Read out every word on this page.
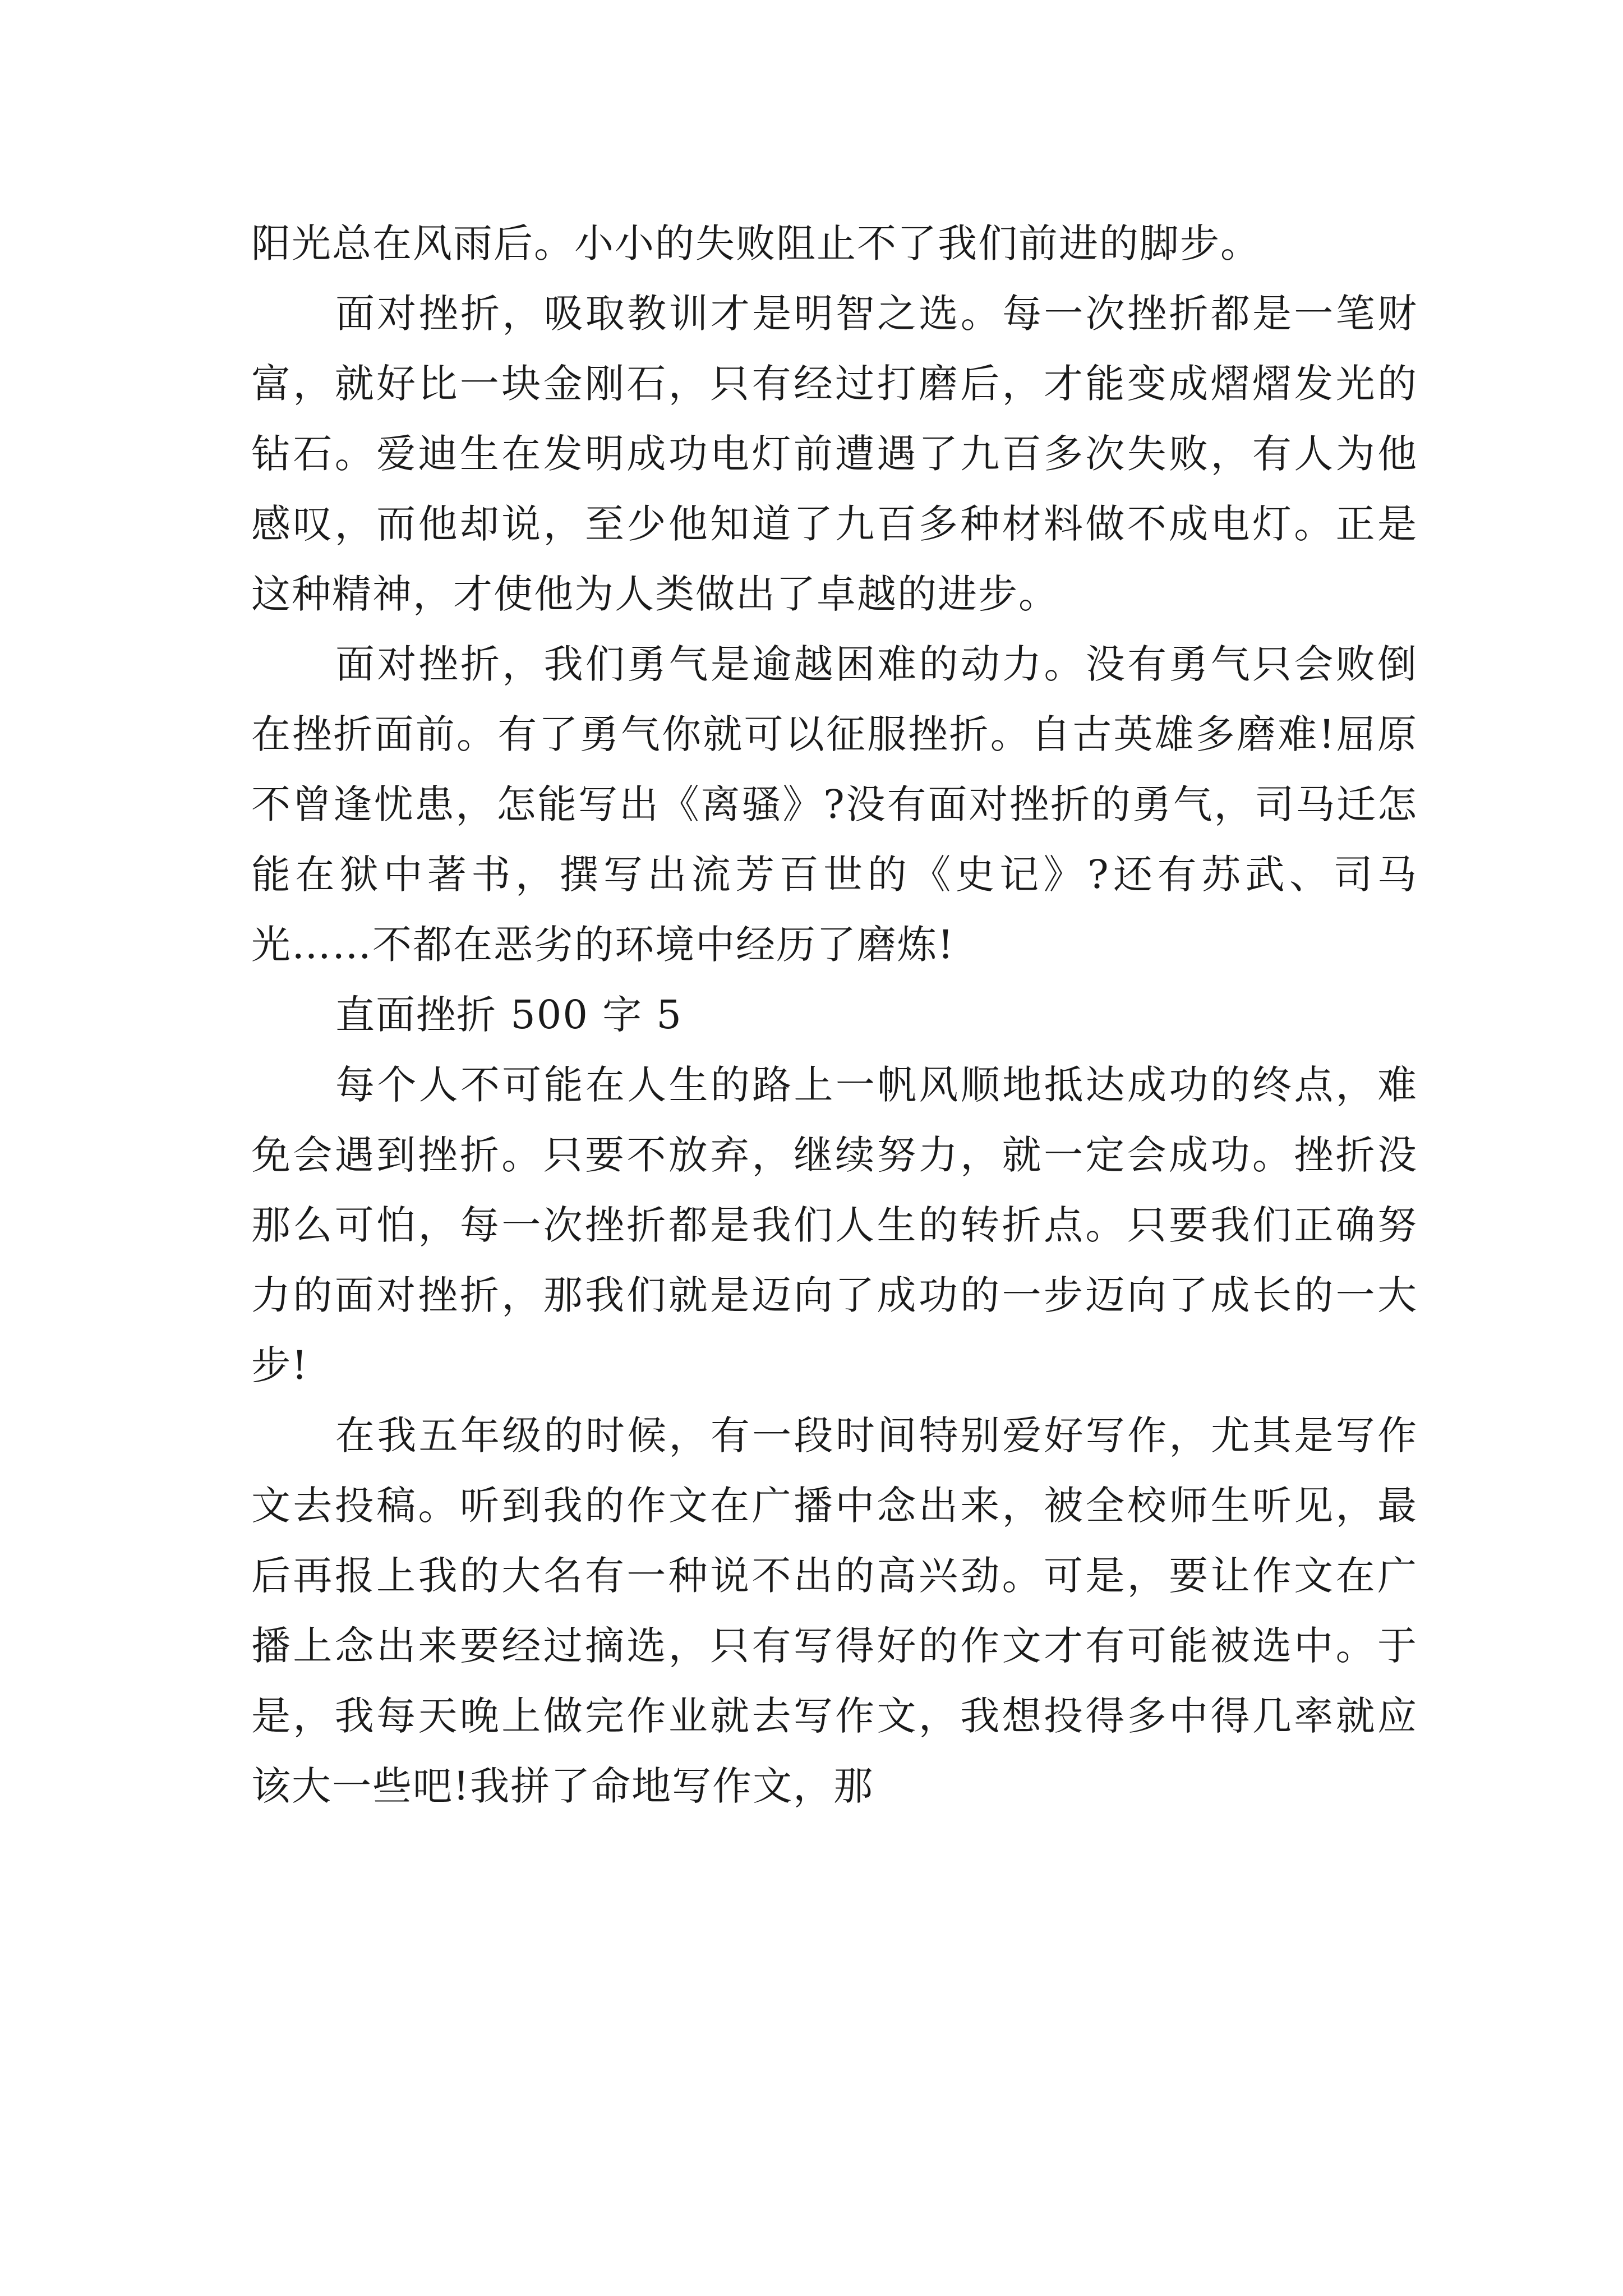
阳光总在风雨后。小小的失败阻止不了我们前进的脚步。

面对挫折，吸取教训才是明智之选。每一次挫折都是一笔财富，就好比一块金刚石，只有经过打磨后，才能变成熠熠发光的钻石。爱迪生在发明成功电灯前遭遇了九百多次失败，有人为他感叹，而他却说，至少他知道了九百多种材料做不成电灯。正是这种精神，才使他为人类做出了卓越的进步。

面对挫折，我们勇气是逾越困难的动力。没有勇气只会败倒在挫折面前。有了勇气你就可以征服挫折。自古英雄多磨难!屈原不曾逢忧患，怎能写出《离骚》?没有面对挫折的勇气，司马迁怎能在狱中著书，撰写出流芳百世的《史记》?还有苏武、司马光……不都在恶劣的环境中经历了磨炼!

直面挫折 500 字 5

每个人不可能在人生的路上一帆风顺地抵达成功的终点，难免会遇到挫折。只要不放弃，继续努力，就一定会成功。挫折没那么可怕，每一次挫折都是我们人生的转折点。只要我们正确努力的面对挫折，那我们就是迈向了成功的一步迈向了成长的一大步!

在我五年级的时候，有一段时间特别爱好写作，尤其是写作文去投稿。听到我的作文在广播中念出来，被全校师生听见，最后再报上我的大名有一种说不出的高兴劲。可是，要让作文在广播上念出来要经过摘选，只有写得好的作文才有可能被选中。于是，我每天晚上做完作业就去写作文，我想投得多中得几率就应该大一些吧!我拼了命地写作文，那
